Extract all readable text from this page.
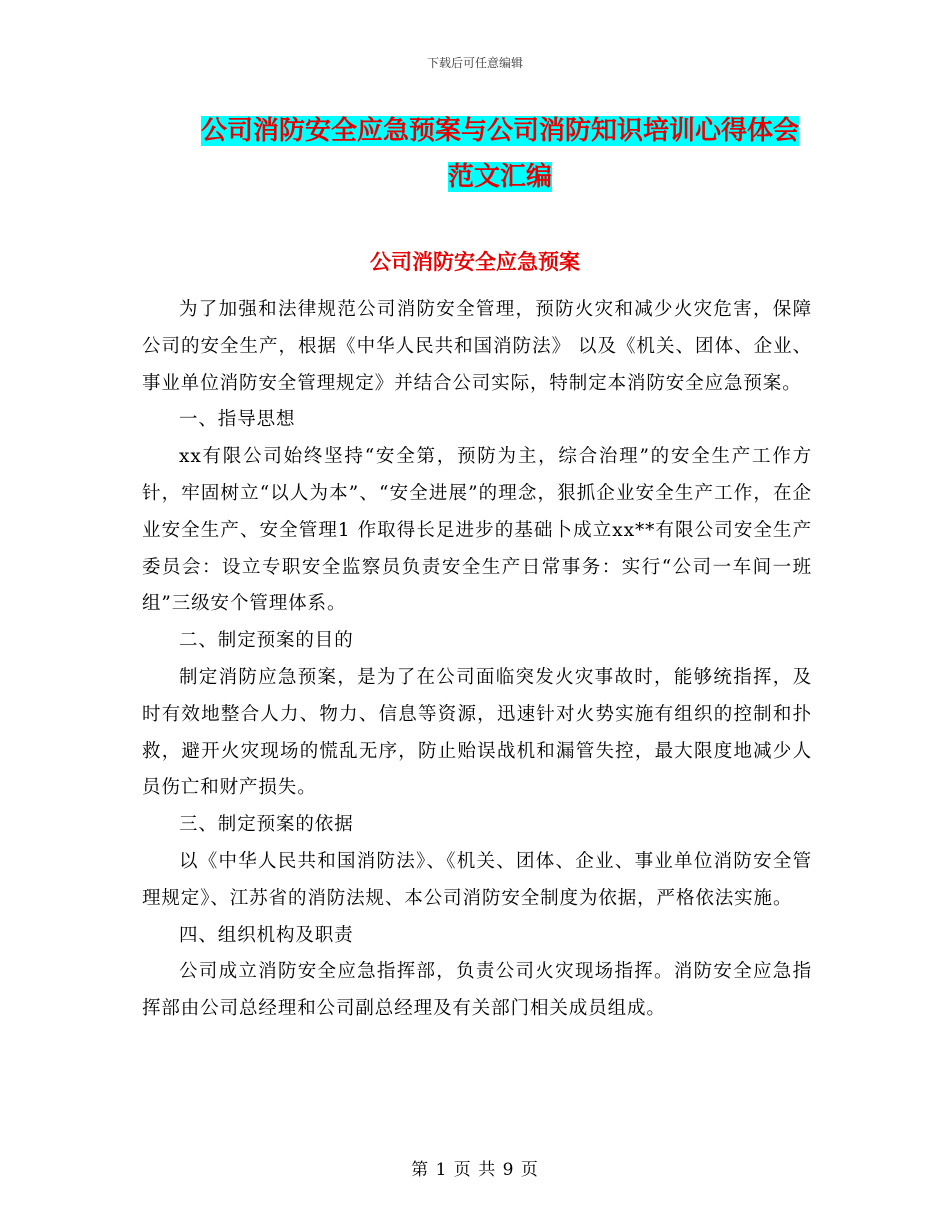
下载后可任意编辑
公司消防安全应急预案与公司消防知识培训心得体会
范文汇编
公司消防安全应急预案

为了加强和法律规范公司消防安全管理，预防火灾和减少火灾危害，保障公司的安全生产，根据《中华人民共和国消防法》 以及《机关、团体、企业、事业单位消防安全管理规定》并结合公司实际，特制定本消防安全应急预案。

一、指导思想

xx有限公司始终坚持“安全第，预防为主，综合治理”的安全生产工作方针，牢固树立“以人为本”、“安全进展”的理念，狠抓企业安全生产工作，在企业安全生产、安全管理1 作取得长足进步的基础卜成立xx**有限公司安全生产委员会：设立专职安全监察员负责安全生产日常事务：实行“公司一车间一班组”三级安个管理体系。

二、制定预案的目的

制定消防应急预案，是为了在公司面临突发火灾事故时，能够统指挥，及时有效地整合人力、物力、信息等资源，迅速针对火势实施有组织的控制和扑救，避开火灾现场的慌乱无序，防止贻误战机和漏管失控，最大限度地减少人员伤亡和财产损失。

三、制定预案的依据

以《中华人民共和国消防法》、《机关、团体、企业、事业单位消防安全管理规定》、江苏省的消防法规、本公司消防安全制度为依据，严格依法实施。

四、组织机构及职责

公司成立消防安全应急指挥部，负责公司火灾现场指挥。消防安全应急指挥部由公司总经理和公司副总经理及有关部门相关成员组成。

第 1 页 共 9 页
